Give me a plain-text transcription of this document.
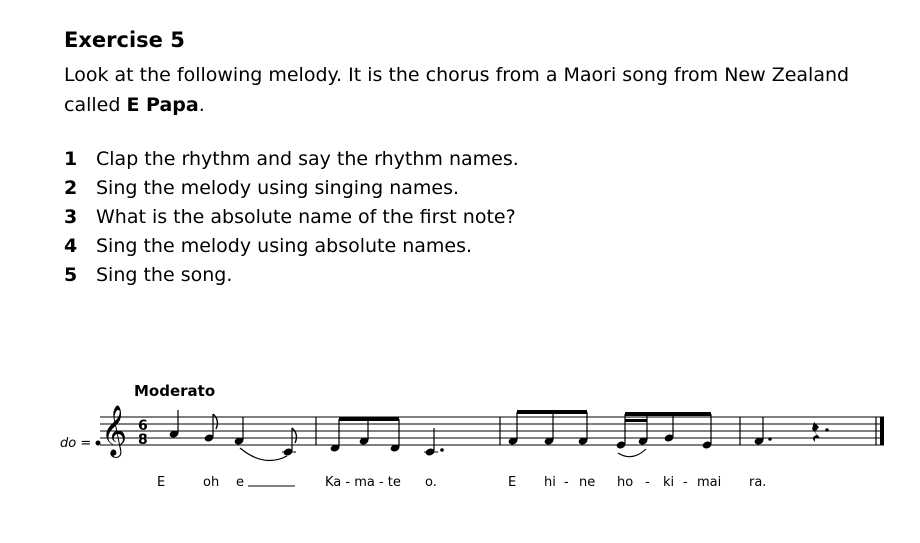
Exercise 5
Look at the following melody. It is the chorus from a Maori song from New Zealand called E Papa.
1 Clap the rhythm and say the rhythm names.
2 Sing the melody using singing names.
3 What is the absolute name of the first note?
4 Sing the melody using absolute names.
5 Sing the song.
Moderato
do = 𝄞 6
8
E	oh e	Ka - ma - te o.	E hi - ne ho - ki - mai ra.
